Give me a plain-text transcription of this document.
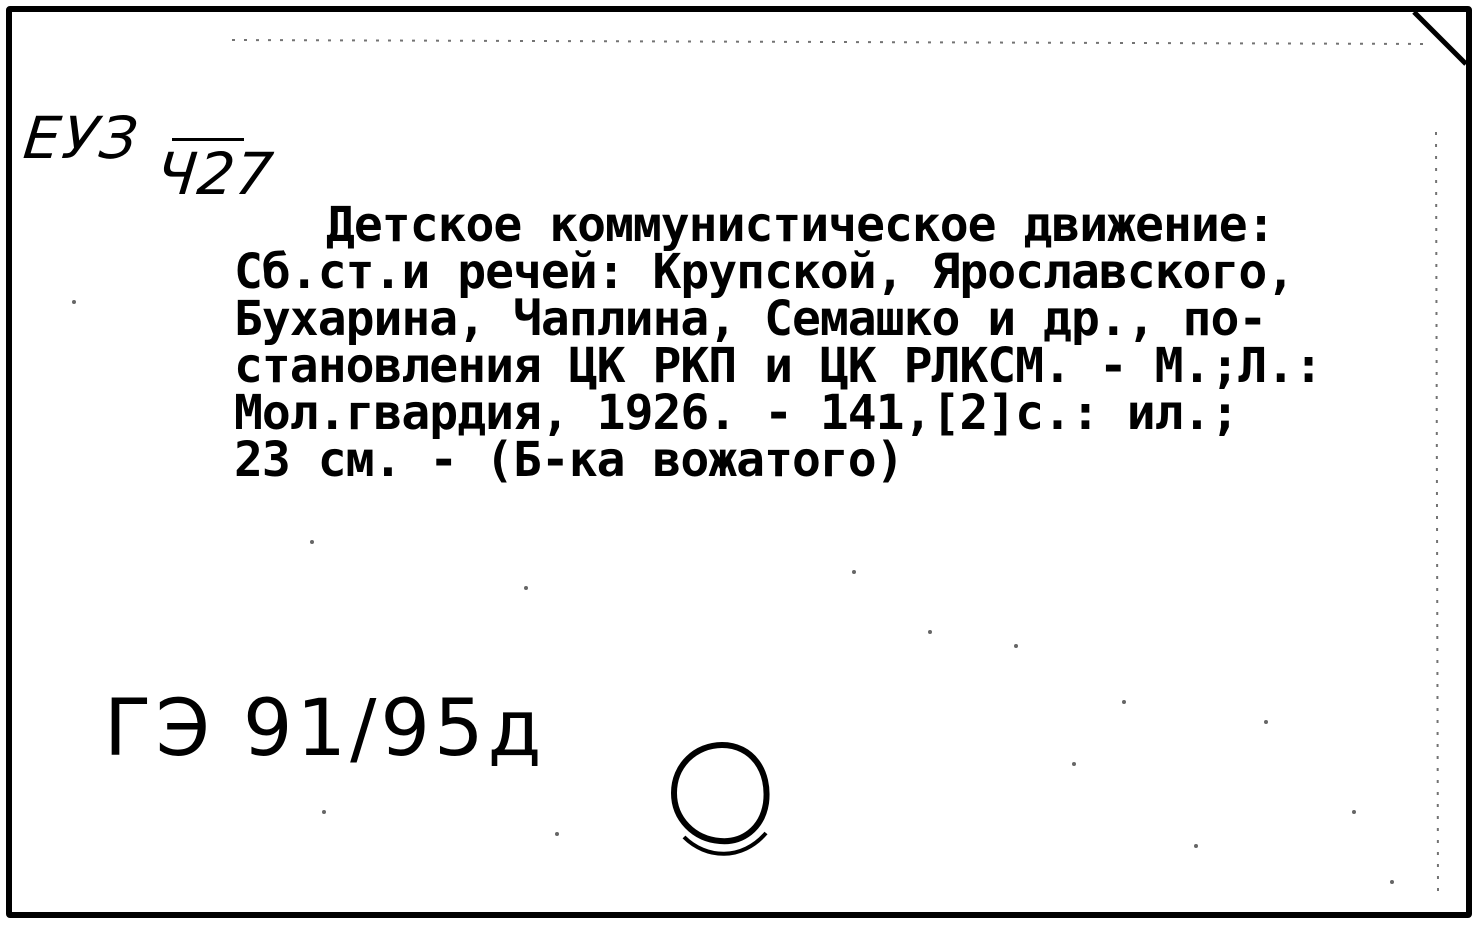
ЕУЗ
Ч27
Детское коммунистическое движение:
Сб.ст.и речей: Крупской, Ярославского,
Бухарина, Чаплина, Семашко и др., по-
становления ЦК РКП и ЦК РЛКСМ. - М.;Л.:
Мол.гвардия, 1926. - 141,[2]с.: ил.;
23 см. - (Б-ка вожатого)
ГЭ 91/95д
